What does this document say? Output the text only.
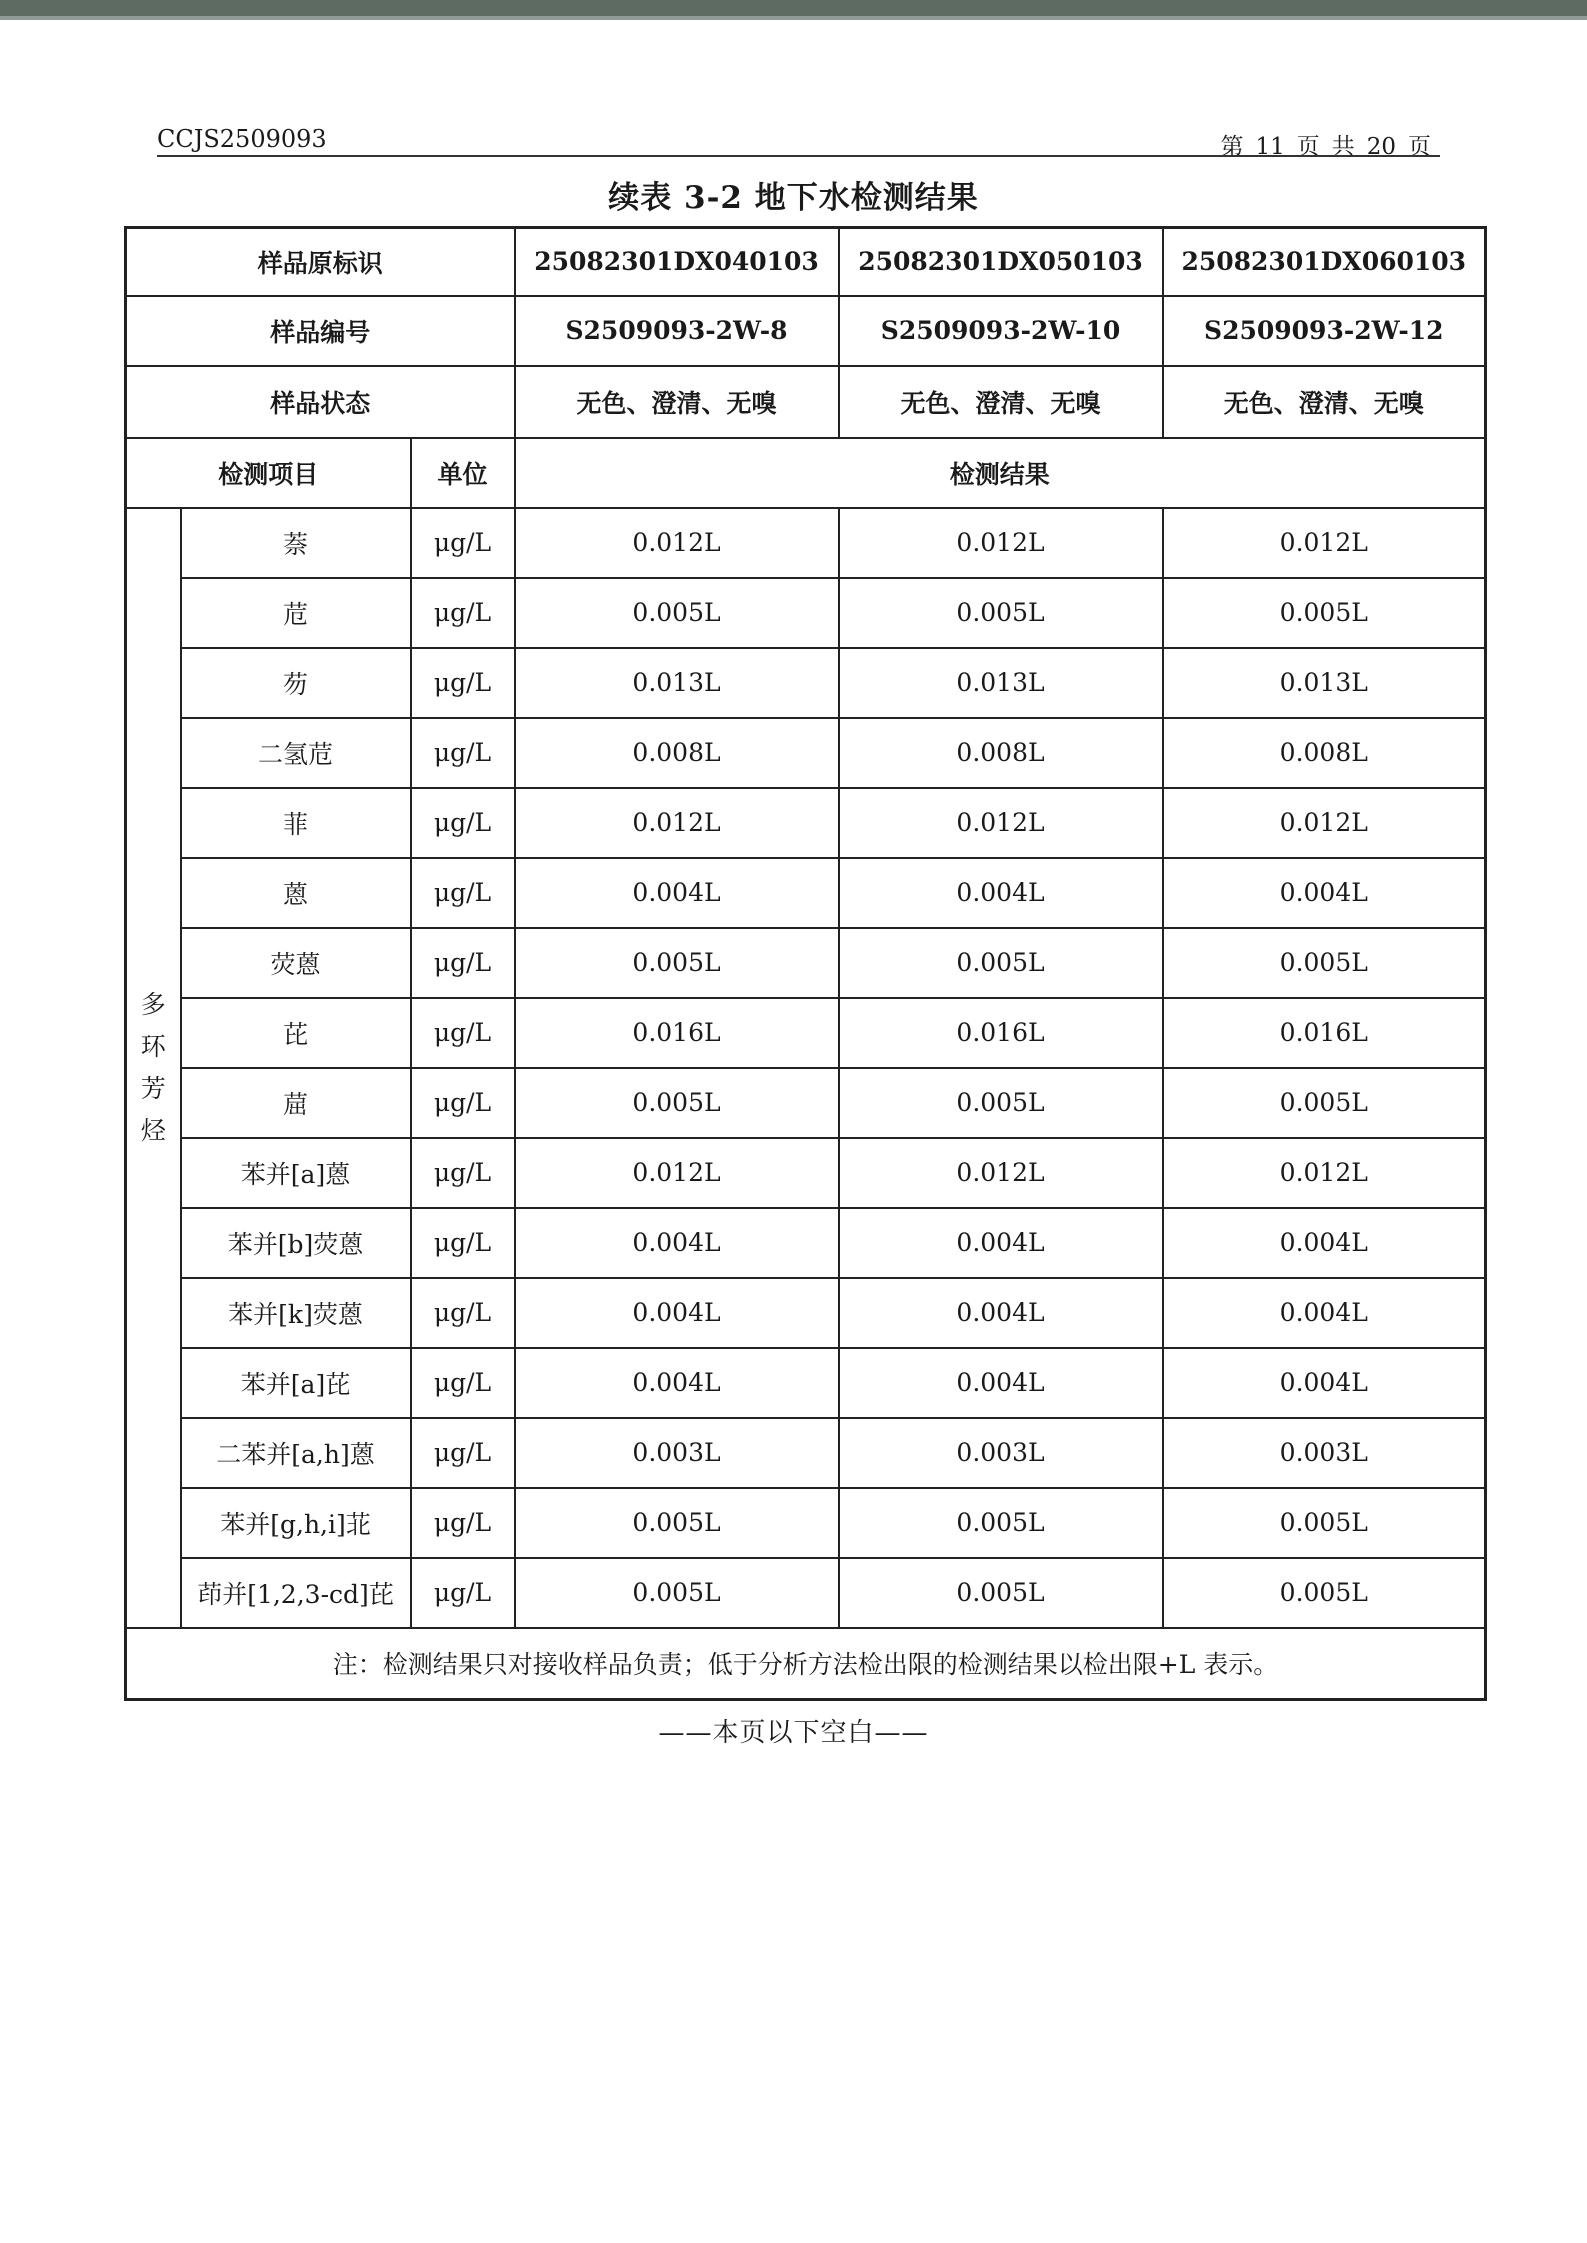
CCJS2509093	第 11 页 共 20 页
续表 3-2 地下水检测结果
样品原标识			25082301DX040103	25082301DX050103	25082301DX060103
样品编号			S2509093-2W-8	S2509093-2W-10	S2509093-2W-12
样品状态			无色、澄清、无嗅	无色、澄清、无嗅	无色、澄清、无嗅
检测项目		单位	检测结果		

多
环
芳
烃	萘	μg/L	0.012L	0.012L	0.012L
	苊	μg/L	0.005L	0.005L	0.005L
	芴	μg/L	0.013L	0.013L	0.013L
	二氢苊	μg/L	0.008L	0.008L	0.008L
	菲	μg/L	0.012L	0.012L	0.012L
	蒽	μg/L	0.004L	0.004L	0.004L
	荧蒽	μg/L	0.005L	0.005L	0.005L
	芘	μg/L	0.016L	0.016L	0.016L
	䓛	μg/L	0.005L	0.005L	0.005L
	苯并[a]蒽	μg/L	0.012L	0.012L	0.012L
	苯并[b]荧蒽	μg/L	0.004L	0.004L	0.004L
	苯并[k]荧蒽	μg/L	0.004L	0.004L	0.004L
	苯并[a]芘	μg/L	0.004L	0.004L	0.004L
	二苯并[a,h]蒽	μg/L	0.003L	0.003L	0.003L
	苯并[g,h,i]苝	μg/L	0.005L	0.005L	0.005L
	茚并[1,2,3-cd]芘	μg/L	0.005L	0.005L	0.005L
注：检测结果只对接收样品负责；低于分析方法检出限的检测结果以检出限+L 表示。					
——本页以下空白——
